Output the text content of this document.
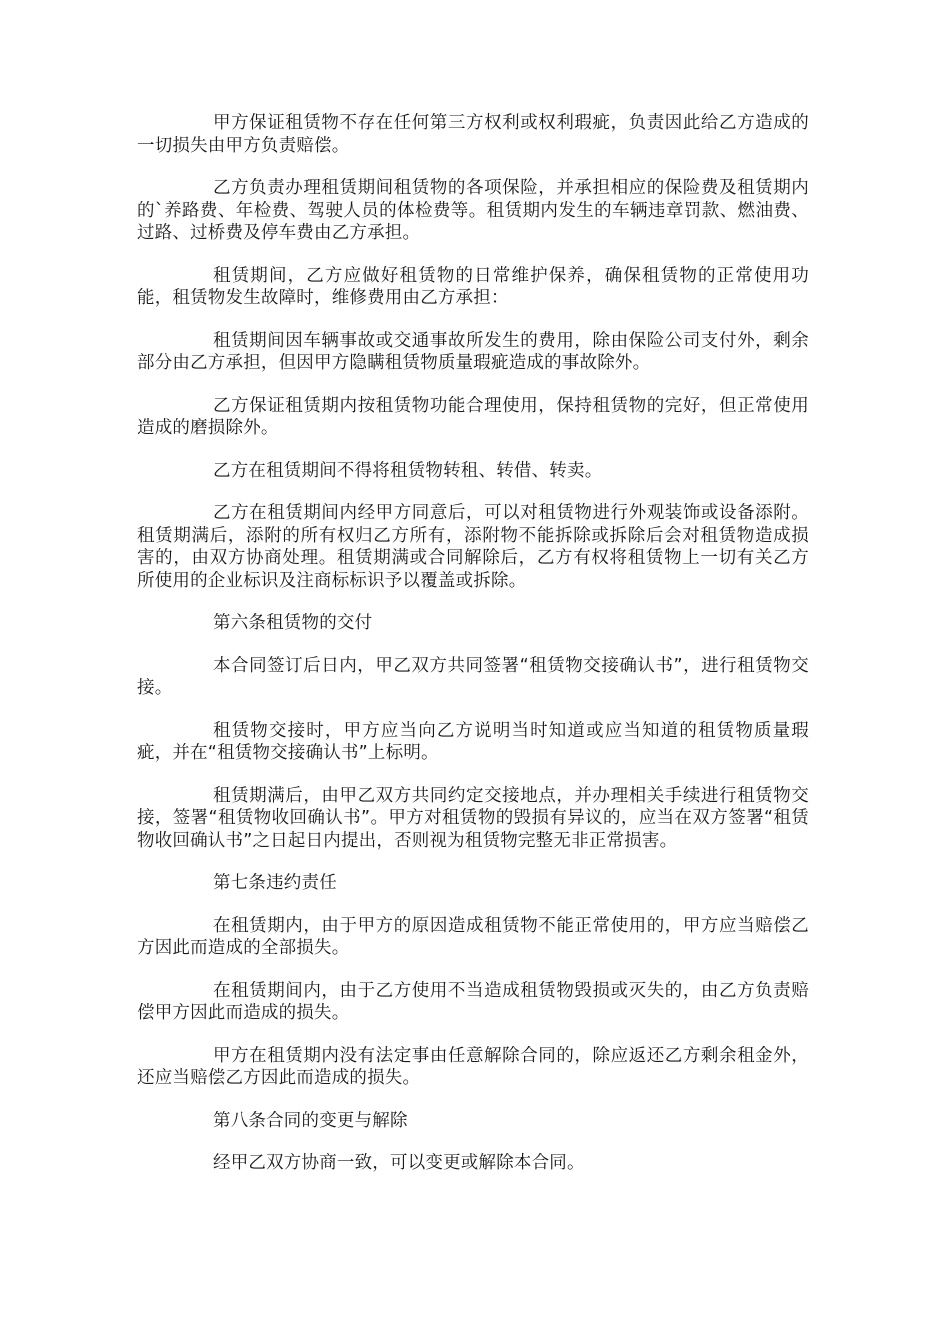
甲方保证租赁物不存在任何第三方权利或权利瑕疵，负责因此给乙方造成的一切损失由甲方负责赔偿。

乙方负责办理租赁期间租赁物的各项保险，并承担相应的保险费及租赁期内的`养路费、年检费、驾驶人员的体检费等。租赁期内发生的车辆违章罚款、燃油费、过路、过桥费及停车费由乙方承担。

租赁期间，乙方应做好租赁物的日常维护保养，确保租赁物的正常使用功能，租赁物发生故障时，维修费用由乙方承担：

租赁期间因车辆事故或交通事故所发生的费用，除由保险公司支付外，剩余部分由乙方承担，但因甲方隐瞒租赁物质量瑕疵造成的事故除外。

乙方保证租赁期内按租赁物功能合理使用，保持租赁物的完好，但正常使用造成的磨损除外。

乙方在租赁期间不得将租赁物转租、转借、转卖。

乙方在租赁期间内经甲方同意后，可以对租赁物进行外观装饰或设备添附。租赁期满后，添附的所有权归乙方所有，添附物不能拆除或拆除后会对租赁物造成损害的，由双方协商处理。租赁期满或合同解除后，乙方有权将租赁物上一切有关乙方所使用的企业标识及注商标标识予以覆盖或拆除。

第六条租赁物的交付

本合同签订后日内，甲乙双方共同签署“租赁物交接确认书”，进行租赁物交接。

租赁物交接时，甲方应当向乙方说明当时知道或应当知道的租赁物质量瑕疵，并在“租赁物交接确认书”上标明。

租赁期满后，由甲乙双方共同约定交接地点，并办理相关手续进行租赁物交接，签署“租赁物收回确认书”。甲方对租赁物的毁损有异议的，应当在双方签署“租赁物收回确认书”之日起日内提出，否则视为租赁物完整无非正常损害。

第七条违约责任

在租赁期内，由于甲方的原因造成租赁物不能正常使用的，甲方应当赔偿乙方因此而造成的全部损失。

在租赁期间内，由于乙方使用不当造成租赁物毁损或灭失的，由乙方负责赔偿甲方因此而造成的损失。

甲方在租赁期内没有法定事由任意解除合同的，除应返还乙方剩余租金外，还应当赔偿乙方因此而造成的损失。

第八条合同的变更与解除

经甲乙双方协商一致，可以变更或解除本合同。
